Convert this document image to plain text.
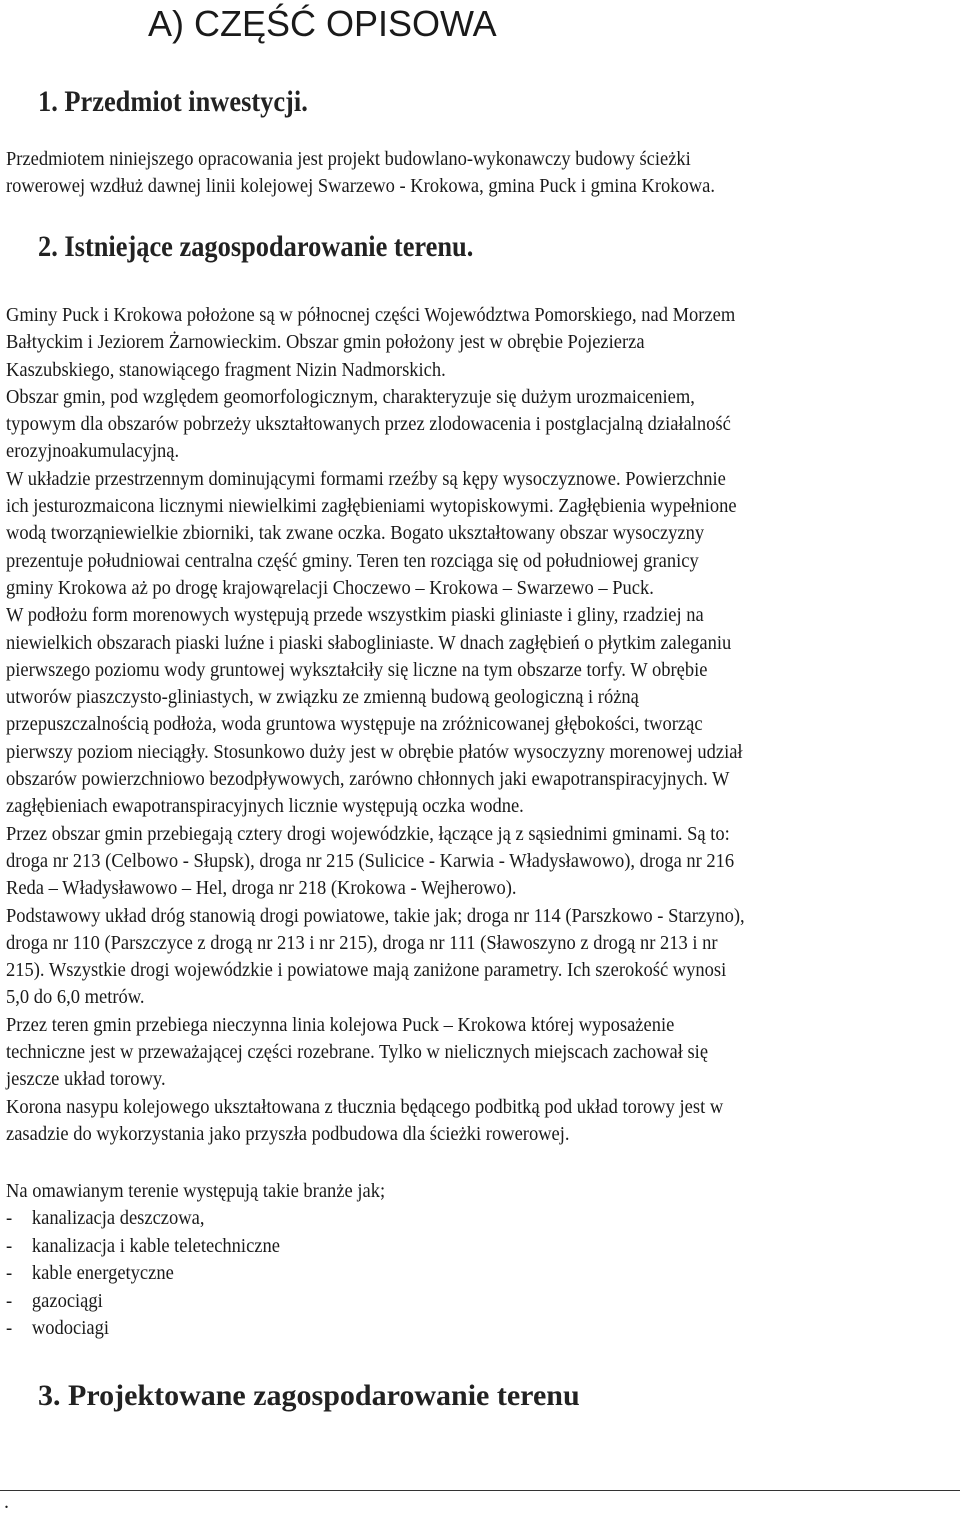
A) CZĘŚĆ OPISOWA
1. Przedmiot inwestycji.
Przedmiotem niniejszego opracowania jest projekt budowlano-wykonawczy budowy ścieżki
rowerowej wzdłuż dawnej linii kolejowej Swarzewo - Krokowa, gmina Puck i gmina Krokowa.
2. Istniejące zagospodarowanie terenu.
Gminy Puck i Krokowa położone są w północnej części Województwa Pomorskiego, nad Morzem
Bałtyckim i Jeziorem Żarnowieckim. Obszar gmin położony jest w obrębie Pojezierza
Kaszubskiego, stanowiącego fragment Nizin Nadmorskich.
Obszar gmin, pod względem geomorfologicznym, charakteryzuje się dużym urozmaiceniem,
typowym dla obszarów pobrzeży ukształtowanych przez zlodowacenia i postglacjalną działalność
erozyjnoakumulacyjną.
W układzie przestrzennym dominującymi formami rzeźby są kępy wysoczyznowe. Powierzchnie
ich jesturozmaicona licznymi niewielkimi zagłębieniami wytopiskowymi. Zagłębienia wypełnione
wodą tworząniewielkie zbiorniki, tak zwane oczka. Bogato ukształtowany obszar wysoczyzny
prezentuje południowai centralna część gminy. Teren ten rozciąga się od południowej granicy
gminy Krokowa aż po drogę krajowąrelacji Choczewo – Krokowa – Swarzewo – Puck.
W podłożu form morenowych występują przede wszystkim piaski gliniaste i gliny, rzadziej na
niewielkich obszarach piaski luźne i piaski słabogliniaste. W dnach zagłębień o płytkim zaleganiu
pierwszego poziomu wody gruntowej wykształciły się liczne na tym obszarze torfy. W obrębie
utworów piaszczysto-gliniastych, w związku ze zmienną budową geologiczną i różną
przepuszczalnością podłoża, woda gruntowa występuje na zróżnicowanej głębokości, tworząc
pierwszy poziom nieciągły. Stosunkowo duży jest w obrębie płatów wysoczyzny morenowej udział
obszarów powierzchniowo bezodpływowych, zarówno chłonnych jaki ewapotranspiracyjnych. W
zagłębieniach ewapotranspiracyjnych licznie występują oczka wodne.
Przez obszar gmin przebiegają cztery drogi wojewódzkie, łączące ją z sąsiednimi gminami. Są to:
droga nr 213 (Celbowo - Słupsk), droga nr 215 (Sulicice - Karwia - Władysławowo), droga nr 216
Reda – Władysławowo – Hel, droga nr 218 (Krokowa - Wejherowo).
Podstawowy układ dróg stanowią drogi powiatowe, takie jak; droga nr 114 (Parszkowo - Starzyno),
droga nr 110 (Parszczyce z drogą nr 213 i nr 215), droga nr 111 (Sławoszyno z drogą nr 213 i nr
215). Wszystkie drogi wojewódzkie i powiatowe mają zaniżone parametry. Ich szerokość wynosi
5,0 do 6,0 metrów.
Przez teren gmin przebiega nieczynna linia kolejowa Puck – Krokowa której wyposażenie
techniczne jest w przeważającej części rozebrane. Tylko w nielicznych miejscach zachował się
jeszcze układ torowy.
Korona nasypu kolejowego ukształtowana z tłucznia będącego podbitką pod układ torowy jest w
zasadzie do wykorzystania jako przyszła podbudowa dla ścieżki rowerowej.
Na omawianym terenie występują takie branże jak;
- kanalizacja deszczowa,
- kanalizacja i kable teletechniczne
- kable energetyczne
- gazociągi
- wodociagi
3. Projektowane zagospodarowanie terenu
.
